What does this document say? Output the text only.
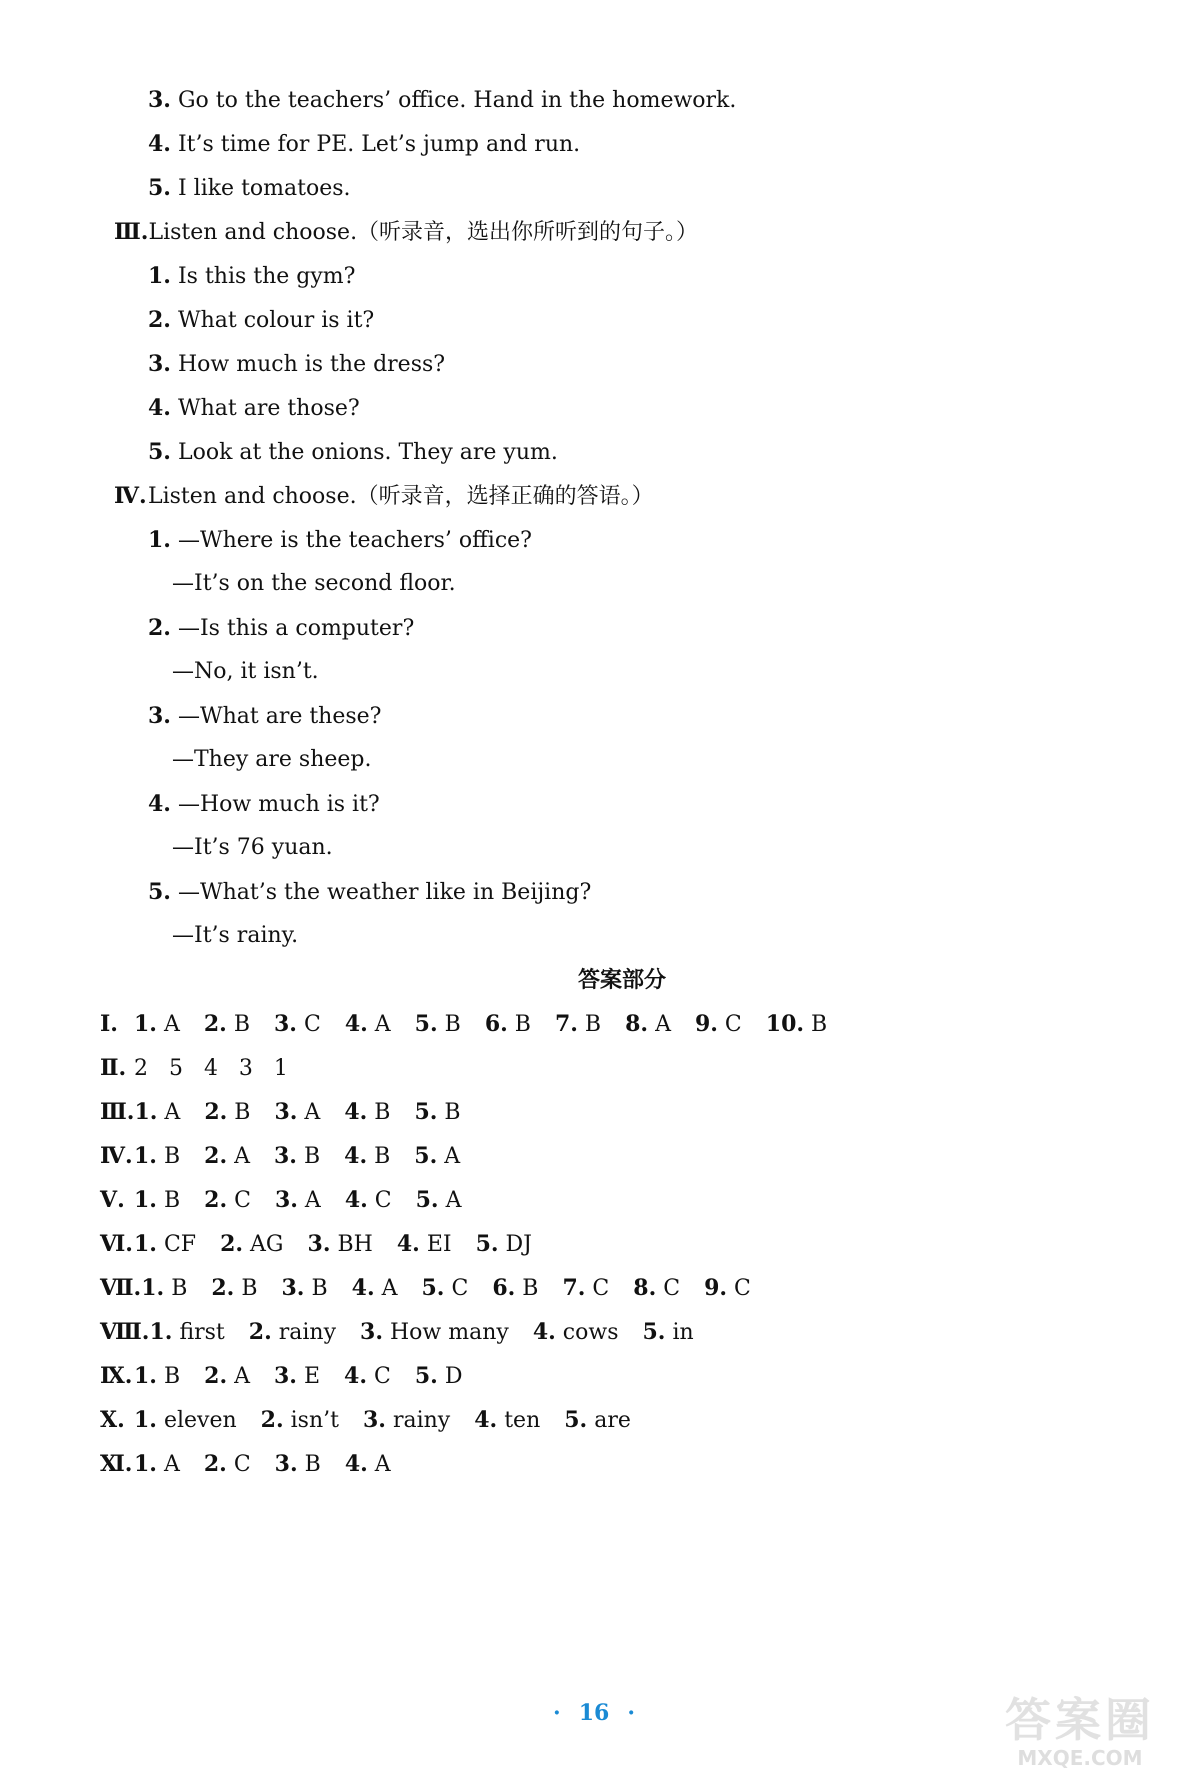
3. Go to the teachers’ office. Hand in the homework.
4. It’s time for PE. Let’s jump and run.
5. I like tomatoes.
Ⅲ.Listen and choose.（听录音，选出你所听到的句子。）
1. Is this the gym?
2. What colour is it?
3. How much is the dress?
4. What are those?
5. Look at the onions. They are yum.
Ⅳ.Listen and choose.（听录音，选择正确的答语。）
1. —Where is the teachers’ office?
—It’s on the second floor.
2. —Is this a computer?
—No, it isn’t.
3. —What are these?
—They are sheep.
4. —How much is it?
—It’s 76 yuan.
5. —What’s the weather like in Beijing?
—It’s rainy.
答案部分
Ⅰ. 1. A 2. B 3. C 4. A 5. B 6. B 7. B 8. A 9. C 10. B
Ⅱ. 2   5   4   3   1
Ⅲ.1. A 2. B 3. A 4. B 5. B
Ⅳ.1. B 2. A 3. B 4. B 5. A
Ⅴ. 1. B 2. C 3. A 4. C 5. A
Ⅵ.1. CF 2. AG 3. BH 4. EI 5. DJ
Ⅶ.1. B 2. B 3. B 4. A 5. C 6. B 7. C 8. C 9. C
Ⅷ.1. first 2. rainy 3. How many 4. cows 5. in
Ⅸ.1. B 2. A 3. E 4. C 5. D
Ⅹ. 1. eleven 2. isn’t 3. rainy 4. ten 5. are
Ⅺ.1. A 2. C 3. B 4. A
· 16 ·	答案圈
MXQE.COM
